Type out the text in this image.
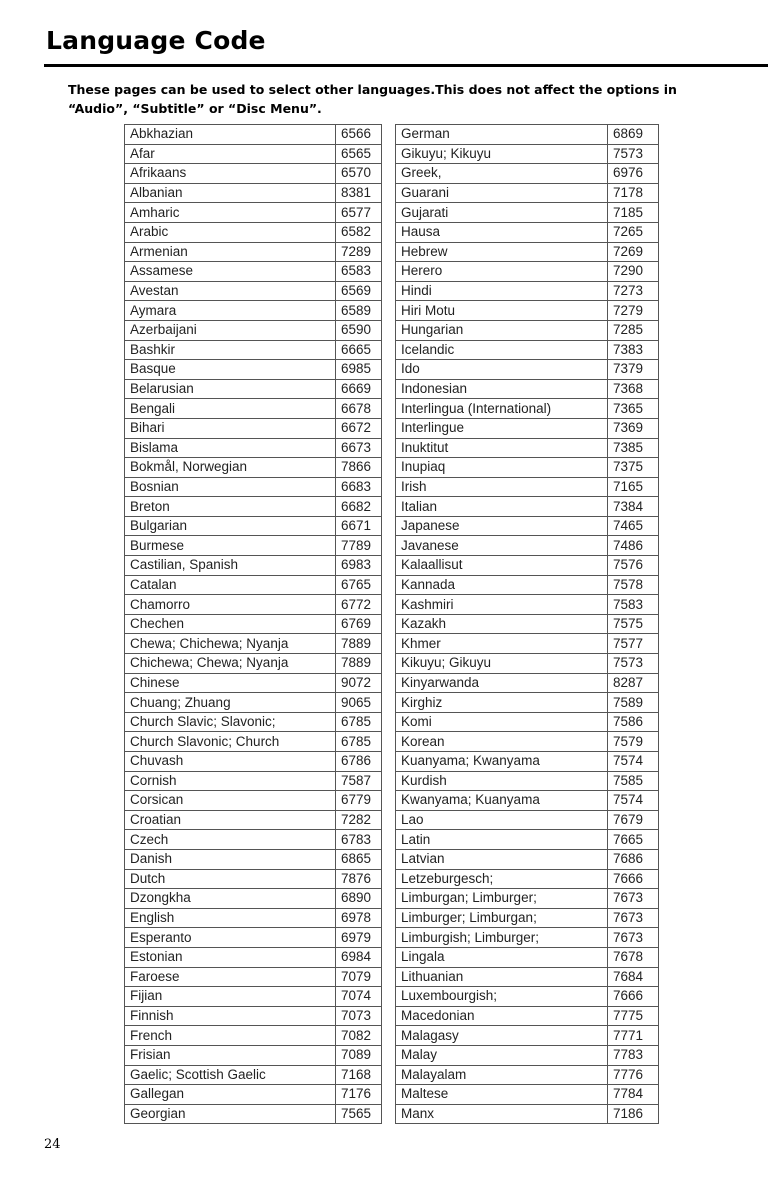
Language Code

These pages can be used to select other languages.This does not affect the options in

“Audio”, “Subtitle” or “Disc Menu”.

Abkhazian	6566
Afar	6565
Afrikaans	6570
Albanian	8381
Amharic	6577
Arabic	6582
Armenian	7289
Assamese	6583
Avestan	6569
Aymara	6589
Azerbaijani	6590
Bashkir	6665
Basque	6985
Belarusian	6669
Bengali	6678
Bihari	6672
Bislama	6673
Bokmål, Norwegian	7866
Bosnian	6683
Breton	6682
Bulgarian	6671
Burmese	7789
Castilian, Spanish	6983
Catalan	6765
Chamorro	6772
Chechen	6769
Chewa; Chichewa; Nyanja	7889
Chichewa; Chewa; Nyanja	7889
Chinese	9072
Chuang; Zhuang	9065
Church Slavic; Slavonic;	6785
Church Slavonic; Church	6785
Chuvash	6786
Cornish	7587
Corsican	6779
Croatian	7282
Czech	6783
Danish	6865
Dutch	7876
Dzongkha	6890
English	6978
Esperanto	6979
Estonian	6984
Faroese	7079
Fijian	7074
Finnish	7073
French	7082
Frisian	7089
Gaelic; Scottish Gaelic	7168
Gallegan	7176
Georgian	7565
German	6869
Gikuyu; Kikuyu	7573
Greek,	6976
Guarani	7178
Gujarati	7185
Hausa	7265
Hebrew	7269
Herero	7290
Hindi	7273
Hiri Motu	7279
Hungarian	7285
Icelandic	7383
Ido	7379
Indonesian	7368
Interlingua (International)	7365
Interlingue	7369
Inuktitut	7385
Inupiaq	7375
Irish	7165
Italian	7384
Japanese	7465
Javanese	7486
Kalaallisut	7576
Kannada	7578
Kashmiri	7583
Kazakh	7575
Khmer	7577
Kikuyu; Gikuyu	7573
Kinyarwanda	8287
Kirghiz	7589
Komi	7586
Korean	7579
Kuanyama; Kwanyama	7574
Kurdish	7585
Kwanyama; Kuanyama	7574
Lao	7679
Latin	7665
Latvian	7686
Letzeburgesch;	7666
Limburgan; Limburger;	7673
Limburger; Limburgan;	7673
Limburgish; Limburger;	7673
Lingala	7678
Lithuanian	7684
Luxembourgish;	7666
Macedonian	7775
Malagasy	7771
Malay	7783
Malayalam	7776
Maltese	7784
Manx	7186
24
